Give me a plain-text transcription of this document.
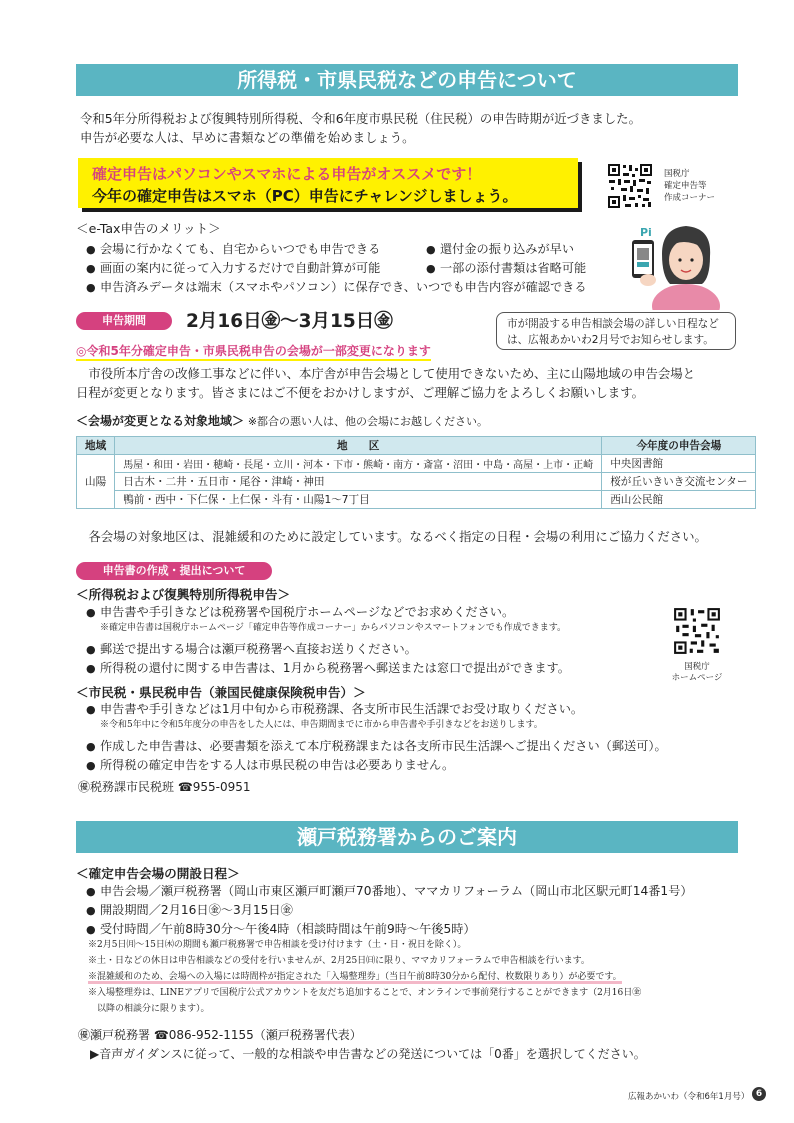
所得税・市県民税などの申告について
令和5年分所得税および復興特別所得税、令和6年度市県民税（住民税）の申告時期が近づきました。
申告が必要な人は、早めに書類などの準備を始めましょう。
確定申告はパソコンやスマホによる申告がオススメです！
今年の確定申告はスマホ（PC）申告にチャレンジしましょう。
国税庁
確定申告等
作成コーナー
＜e-Tax申告のメリット＞
● 会場に行かなくても、自宅からいつでも申告できる	● 還付金の振り込みが早い
● 画面の案内に従って入力するだけで自動計算が可能	● 一部の添付書類は省略可能
● 申告済みデータは端末（スマホやパソコン）に保存でき、いつでも申告内容が確認できる
Pi
申告期間	2月16日㊎～3月15日㊎	市が開設する申告相談会場の詳しい日程など
は、広報あかいわ2月号でお知らせします。
◎令和5年分確定申告・市県民税申告の会場が一部変更になります
　市役所本庁舎の改修工事などに伴い、本庁舎が申告会場として使用できないため、主に山陽地域の申告会場と
日程が変更となります。皆さまにはご不便をおかけしますが、ご理解ご協力をよろしくお願いします。
＜会場が変更となる対象地域＞ ※都合の悪い人は、他の会場にお越しください。
地域	地　　区	今年度の申告会場
山陽	馬屋・和田・岩田・穂崎・長尾・立川・河本・下市・熊崎・南方・斎富・沼田・中島・高屋・上市・正崎	中央図書館
	日古木・二井・五日市・尾谷・津崎・神田	桜が丘いきいき交流センター
	鴨前・西中・下仁保・上仁保・斗有・山陽1～7丁目	西山公民館
　各会場の対象地区は、混雑緩和のために設定しています。なるべく指定の日程・会場の利用にご協力ください。
申告書の作成・提出について
＜所得税および復興特別所得税申告＞
● 申告書や手引きなどは税務署や国税庁ホームページなどでお求めください。
※確定申告書は国税庁ホームページ「確定申告等作成コーナー」からパソコンやスマートフォンでも作成できます。
● 郵送で提出する場合は瀬戸税務署へ直接お送りください。
● 所得税の還付に関する申告書は、1月から税務署へ郵送または窓口で提出ができます。	国税庁
ホームページ
＜市民税・県民税申告（兼国民健康保険税申告）＞
● 申告書や手引きなどは1月中旬から市税務課、各支所市民生活課でお受け取りください。
※令和5年中に令和5年度分の申告をした人には、申告期間までに市から申告書や手引きなどをお送りします。
● 作成した申告書は、必要書類を添えて本庁税務課または各支所市民生活課へご提出ください（郵送可）。
● 所得税の確定申告をする人は市県民税の申告は必要ありません。
㊝税務課市民税班 ☎955-0951
瀬戸税務署からのご案内
＜確定申告会場の開設日程＞
● 申告会場／瀬戸税務署（岡山市東区瀬戸町瀬戸70番地）、ママカリフォーラム（岡山市北区駅元町14番1号）
● 開設期間／2月16日㊎～3月15日㊎
● 受付時間／午前8時30分～午後4時（相談時間は午前9時～午後5時）
※2月5日㈪～15日㈭の期間も瀬戸税務署で申告相談を受け付けます（土・日・祝日を除く）。
※土・日などの休日は申告相談などの受付を行いませんが、2月25日㈰に限り、ママカリフォーラムで申告相談を行います。
※混雑緩和のため、会場への入場には時間枠が指定された「入場整理券」（当日午前8時30分から配付、枚数限りあり）が必要です。
※入場整理券は、LINEアプリで国税庁公式アカウントを友だち追加することで、オンラインで事前発行することができます（2月16日㊎
　以降の相談分に限ります）。
㊝瀬戸税務署 ☎086-952-1155（瀬戸税務署代表）
▶音声ガイダンスに従って、一般的な相談や申告書などの発送については「0番」を選択してください。
広報あかいわ（令和6年1月号） 6
